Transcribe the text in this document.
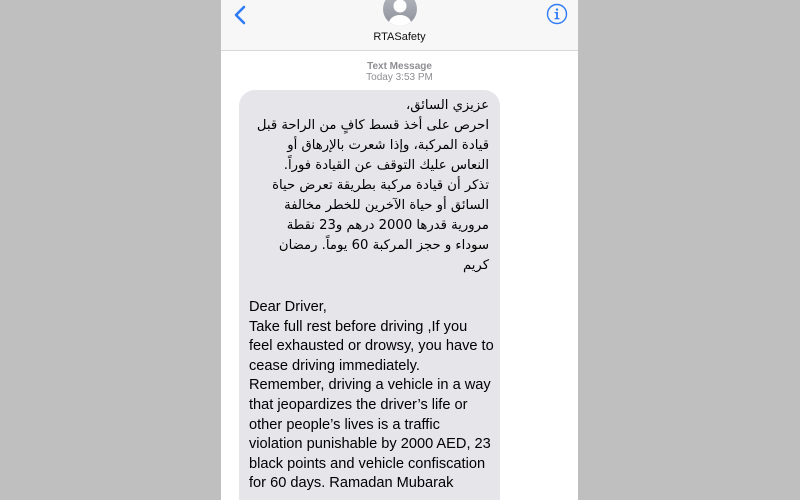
RTASafety
Text Message
Today 3:53 PM
عزيزي السائق،
احرص على أخذ قسط كافٍ من الراحة قبل قيادة المركبة، وإذا شعرت بالإرهاق أو النعاس عليك التوقف عن القيادة فوراً.
تذكر أن قيادة مركبة بطريقة تعرض حياة السائق أو حياة الآخرين للخطر مخالفة مرورية قدرها 2000 درهم و23 نقطة سوداء و حجز المركبة 60 يوماً. رمضان كريم
Dear Driver,
Take full rest before driving ,If you feel exhausted or drowsy, you have to cease driving immediately. Remember, driving a vehicle in a way that jeopardizes the driver’s life or other people’s lives is a traffic violation punishable by 2000 AED, 23 black points and vehicle confiscation for 60 days. Ramadan Mubarak
